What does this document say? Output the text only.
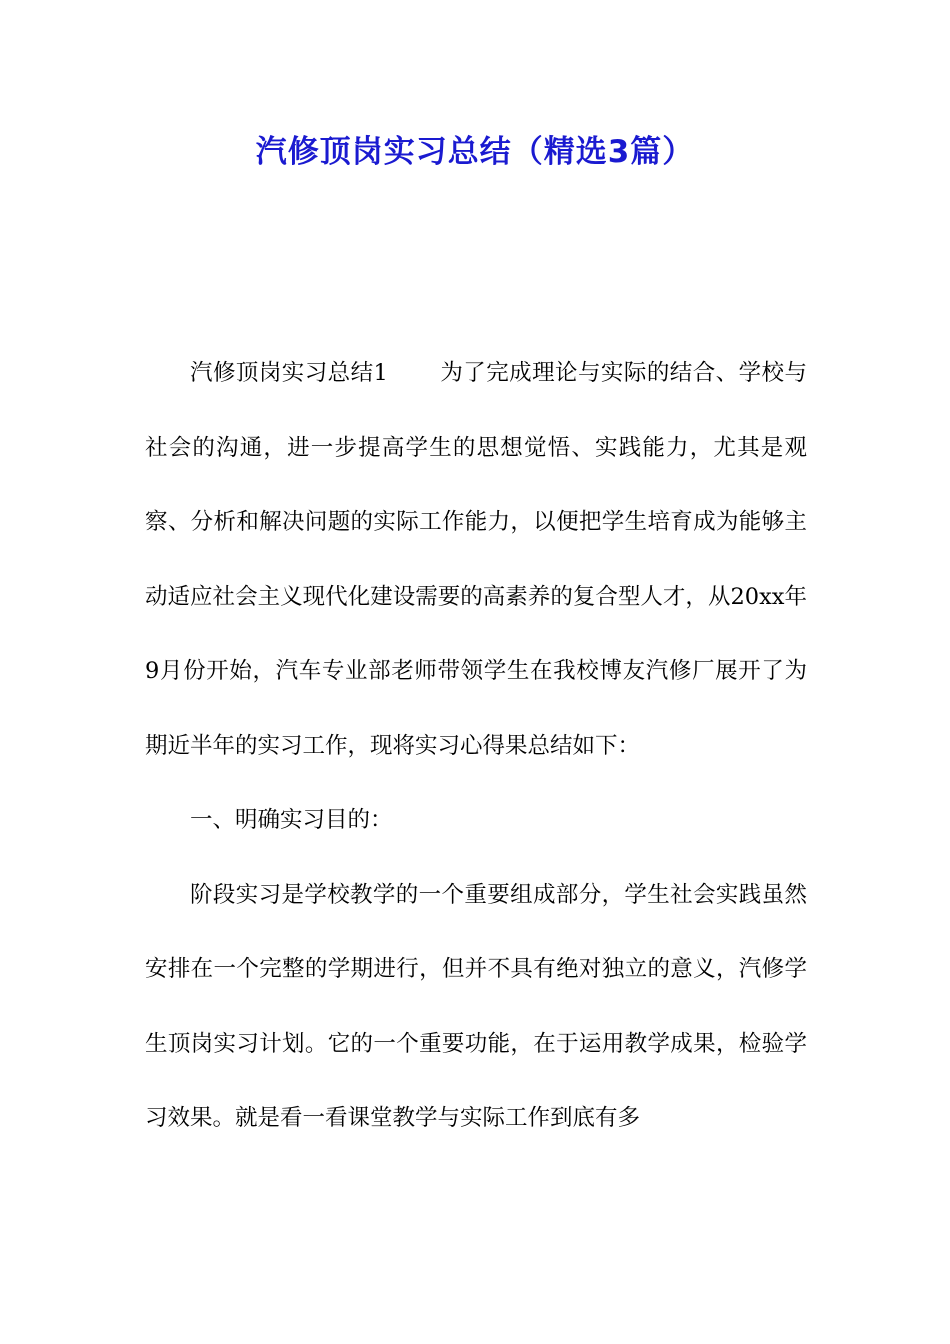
汽修顶岗实习总结（精选3篇）

汽修顶岗实习总结1 为了完成理论与实际的结合、学校与社会的沟通，进一步提高学生的思想觉悟、实践能力，尤其是观察、分析和解决问题的实际工作能力，以便把学生培育成为能够主动适应社会主义现代化建设需要的高素养的复合型人才，从20xx年9月份开始，汽车专业部老师带领学生在我校博友汽修厂展开了为期近半年的实习工作，现将实习心得果总结如下：

一、明确实习目的：

阶段实习是学校教学的一个重要组成部分，学生社会实践虽然安排在一个完整的学期进行，但并不具有绝对独立的意义，汽修学生顶岗实习计划。它的一个重要功能，在于运用教学成果，检验学习效果。就是看一看课堂教学与实际工作到底有多
